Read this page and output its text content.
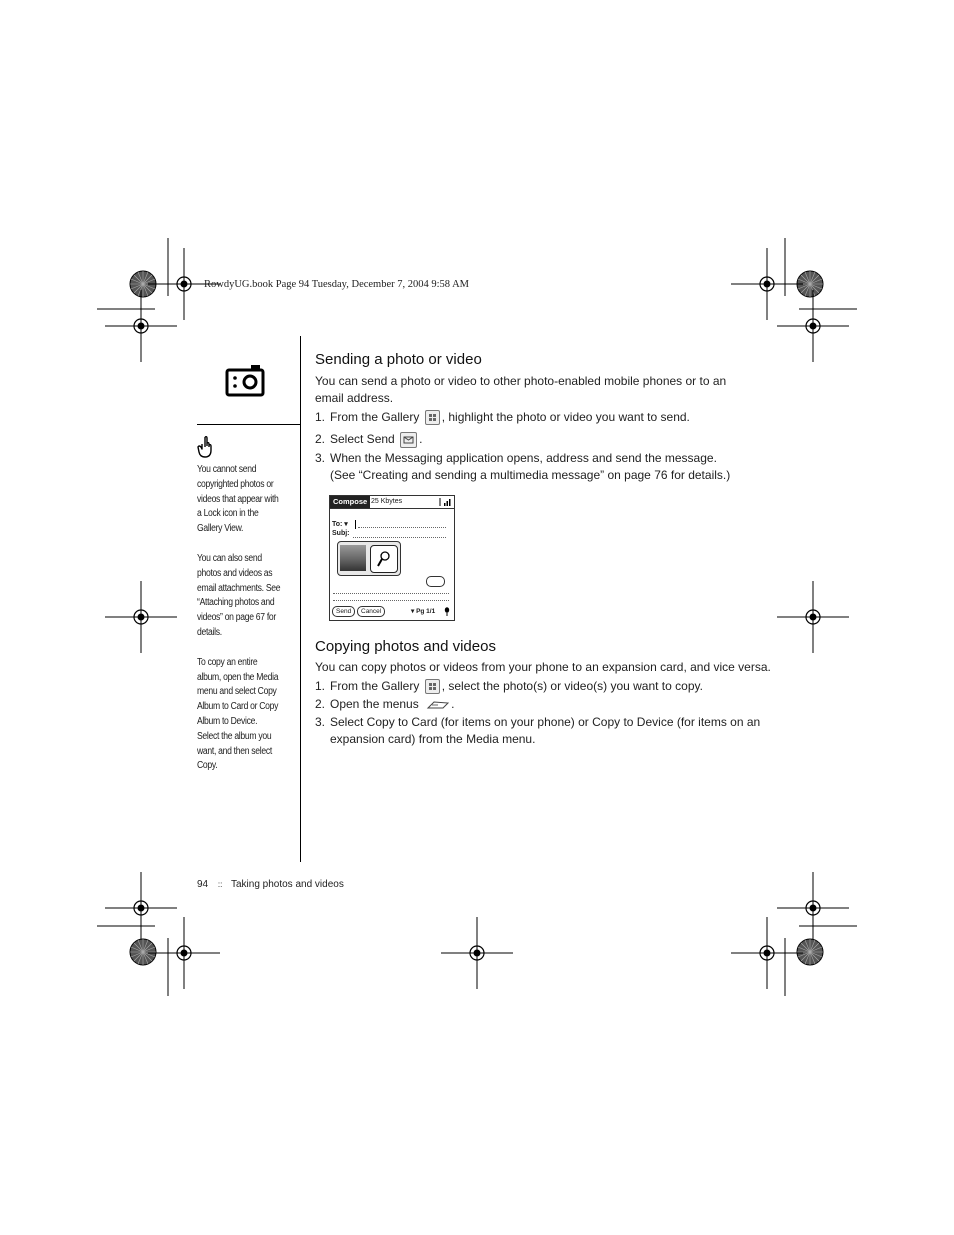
RowdyUG.book Page 94 Tuesday, December 7, 2004 9:58 AM

You cannot send copyrighted photos or videos that appear with a Lock icon in the Gallery View.

You can also send photos and videos as email attachments. See “Attaching photos and videos” on page 67 for details.

To copy an entire album, open the Media menu and select Copy Album to Card or Copy Album to Device. Select the album you want, and then select Copy.

Sending a photo or video
You can send a photo or video to other photo-enabled mobile phones or to an email address.
1. From the Gallery , highlight the photo or video you want to send.
2. Select Send .
3. When the Messaging application opens, address and send the message.
(See “Creating and sending a multimedia message” on page 76 for details.)
Compose 25 Kbytes
To: ▾
Subj:
Send	Cancel	▾ Pg 1/1
Copying photos and videos
You can copy photos or videos from your phone to an expansion card, and vice versa.
1. From the Gallery , select the photo(s) or video(s) you want to copy.
2. Open the menus	.
3. Select Copy to Card (for items on your phone) or Copy to Device (for items on an
expansion card) from the Media menu.
94 :: Taking photos and videos
